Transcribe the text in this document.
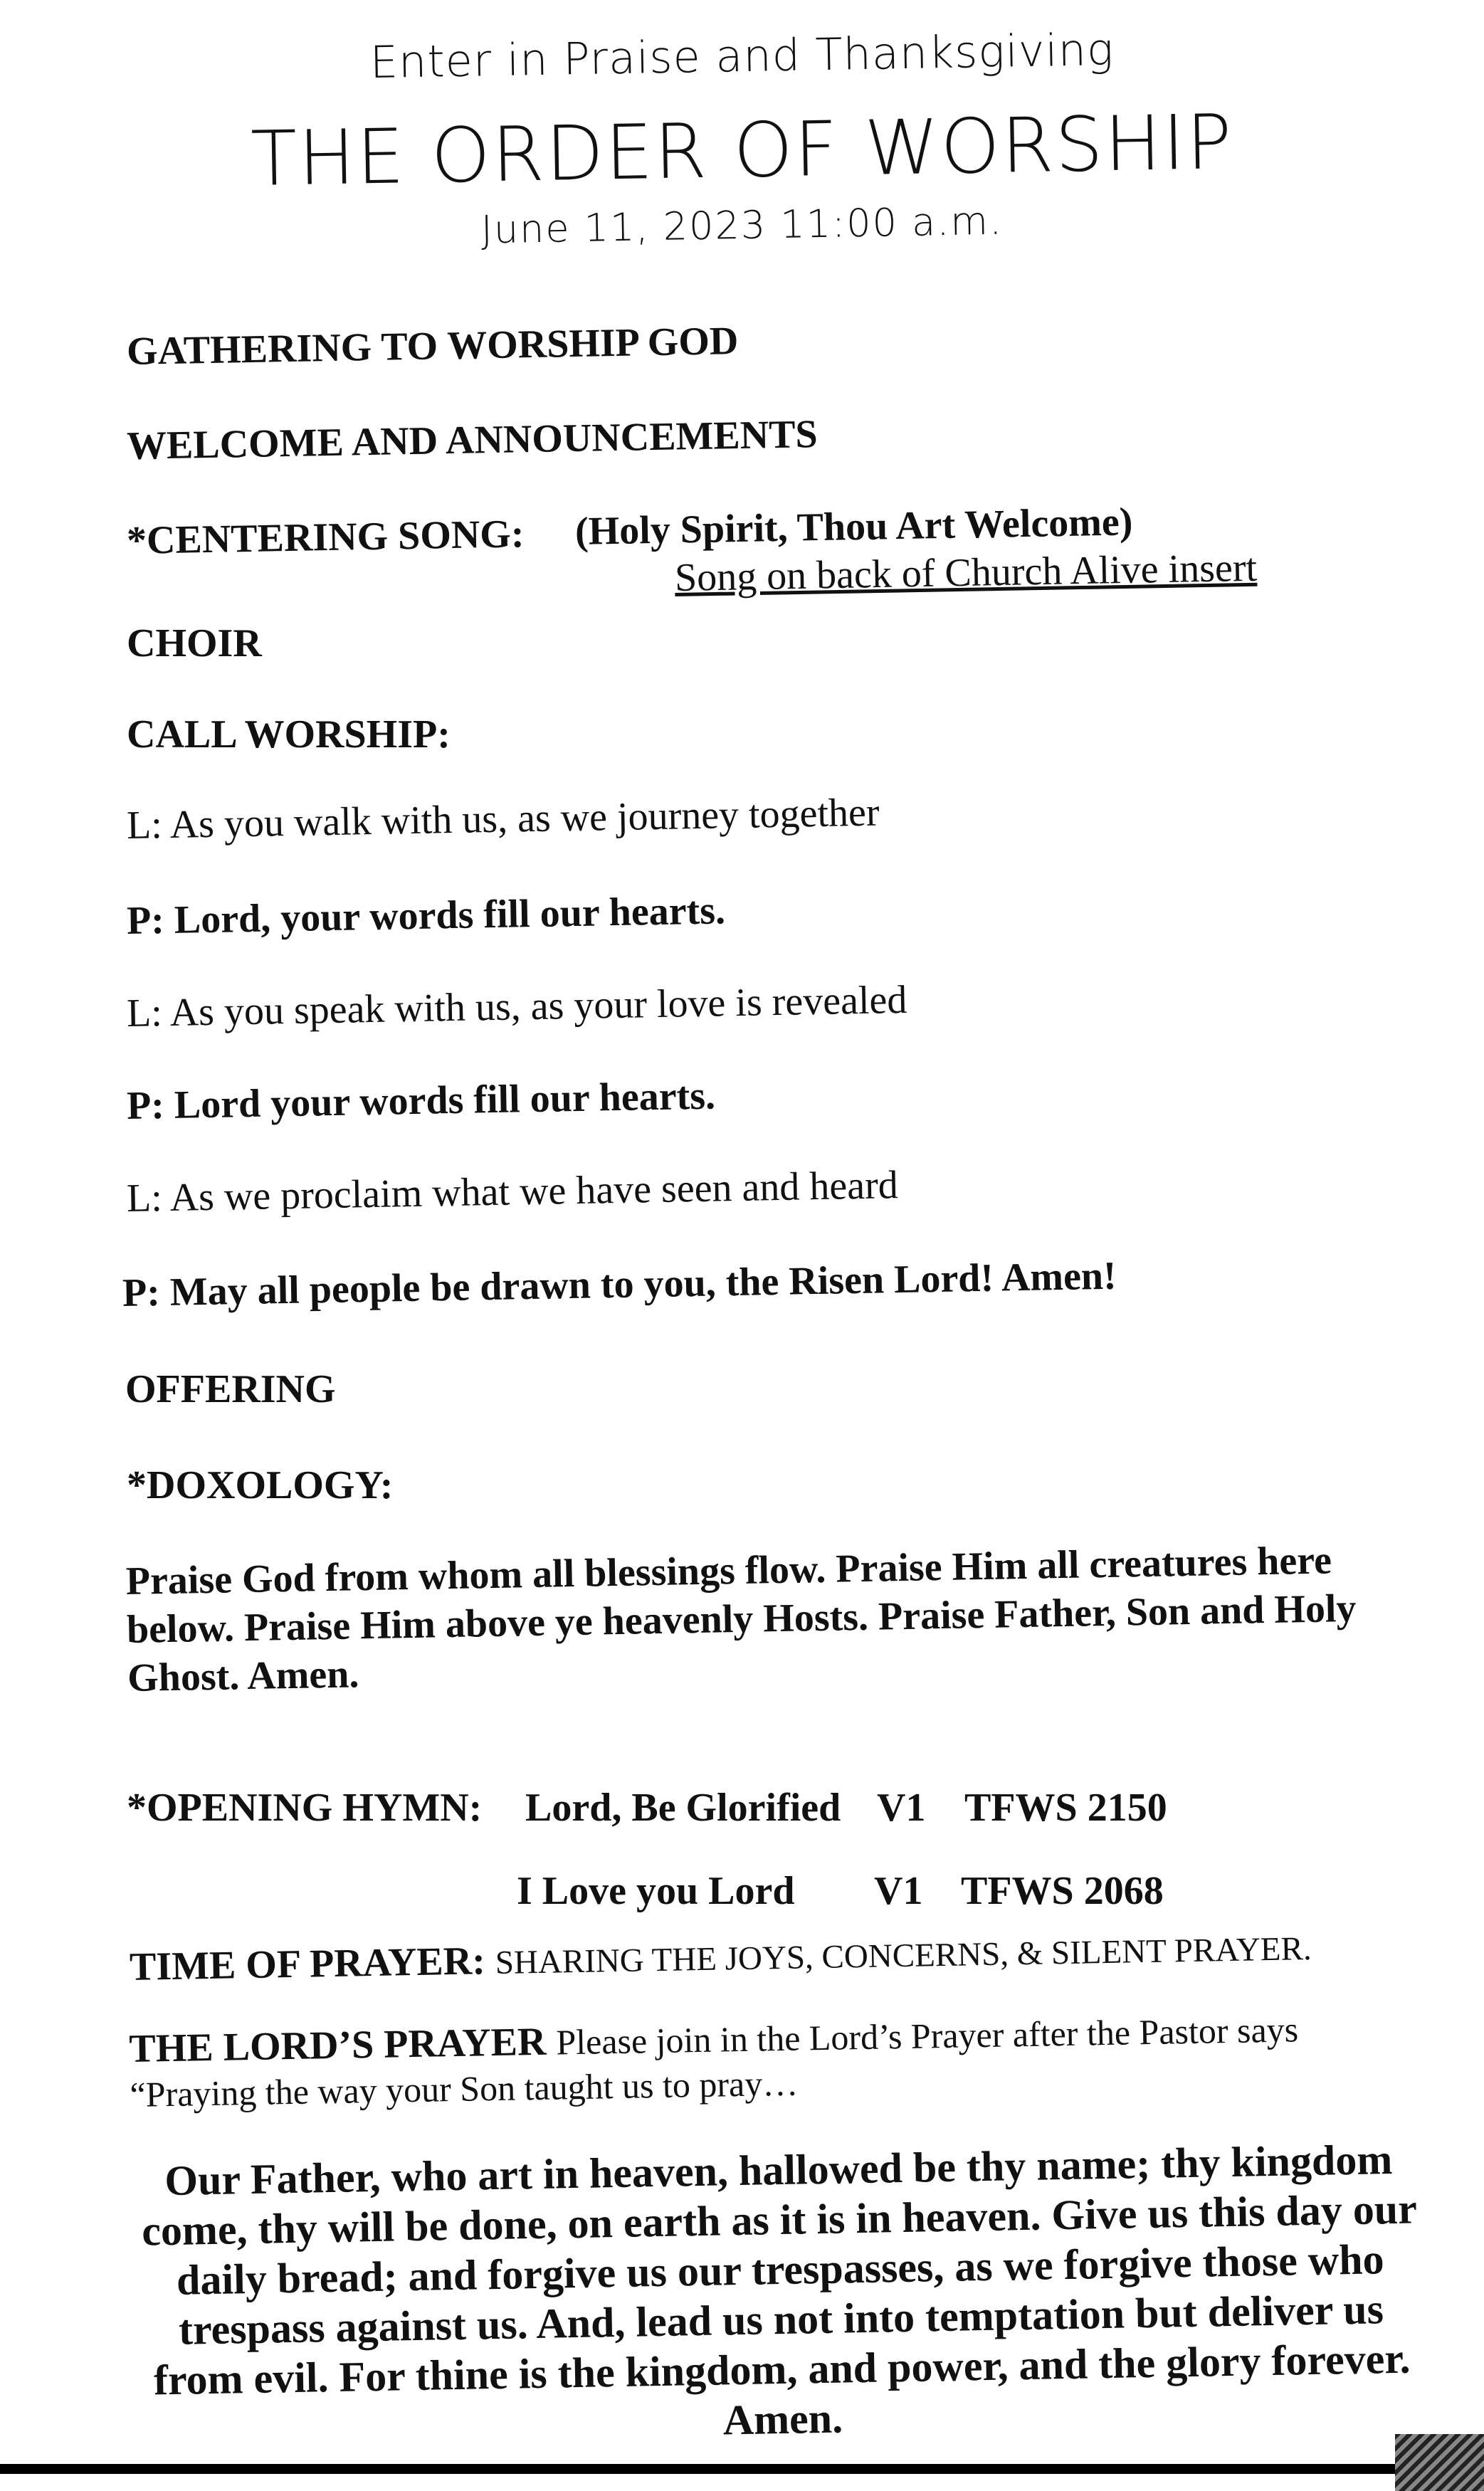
Enter in Praise and Thanksgiving

THE ORDER OF WORSHIP

June 11, 2023 11:00 a.m.

GATHERING TO WORSHIP GOD

WELCOME AND ANNOUNCEMENTS

*CENTERING SONG: (Holy Spirit, Thou Art Welcome)

Song on back of Church Alive insert

CHOIR

CALL WORSHIP:

L: As you walk with us, as we journey together

P: Lord, your words fill our hearts.

L: As you speak with us, as your love is revealed

P: Lord your words fill our hearts.

L: As we proclaim what we have seen and heard

P: May all people be drawn to you, the Risen Lord! Amen!

OFFERING

*DOXOLOGY:

Praise God from whom all blessings flow. Praise Him all creatures here below. Praise Him above ye heavenly Hosts. Praise Father, Son and Holy Ghost. Amen.

*OPENING HYMN: Lord, Be Glorified V1 TFWS 2150

I Love you Lord V1 TFWS 2068

TIME OF PRAYER: SHARING THE JOYS, CONCERNS, & SILENT PRAYER.

THE LORD’S PRAYER Please join in the Lord’s Prayer after the Pastor says “Praying the way your Son taught us to pray…

Our Father, who art in heaven, hallowed be thy name; thy kingdom come, thy will be done, on earth as it is in heaven. Give us this day our daily bread; and forgive us our trespasses, as we forgive those who trespass against us. And, lead us not into temptation but deliver us from evil. For thine is the kingdom, and power, and the glory forever. Amen.
